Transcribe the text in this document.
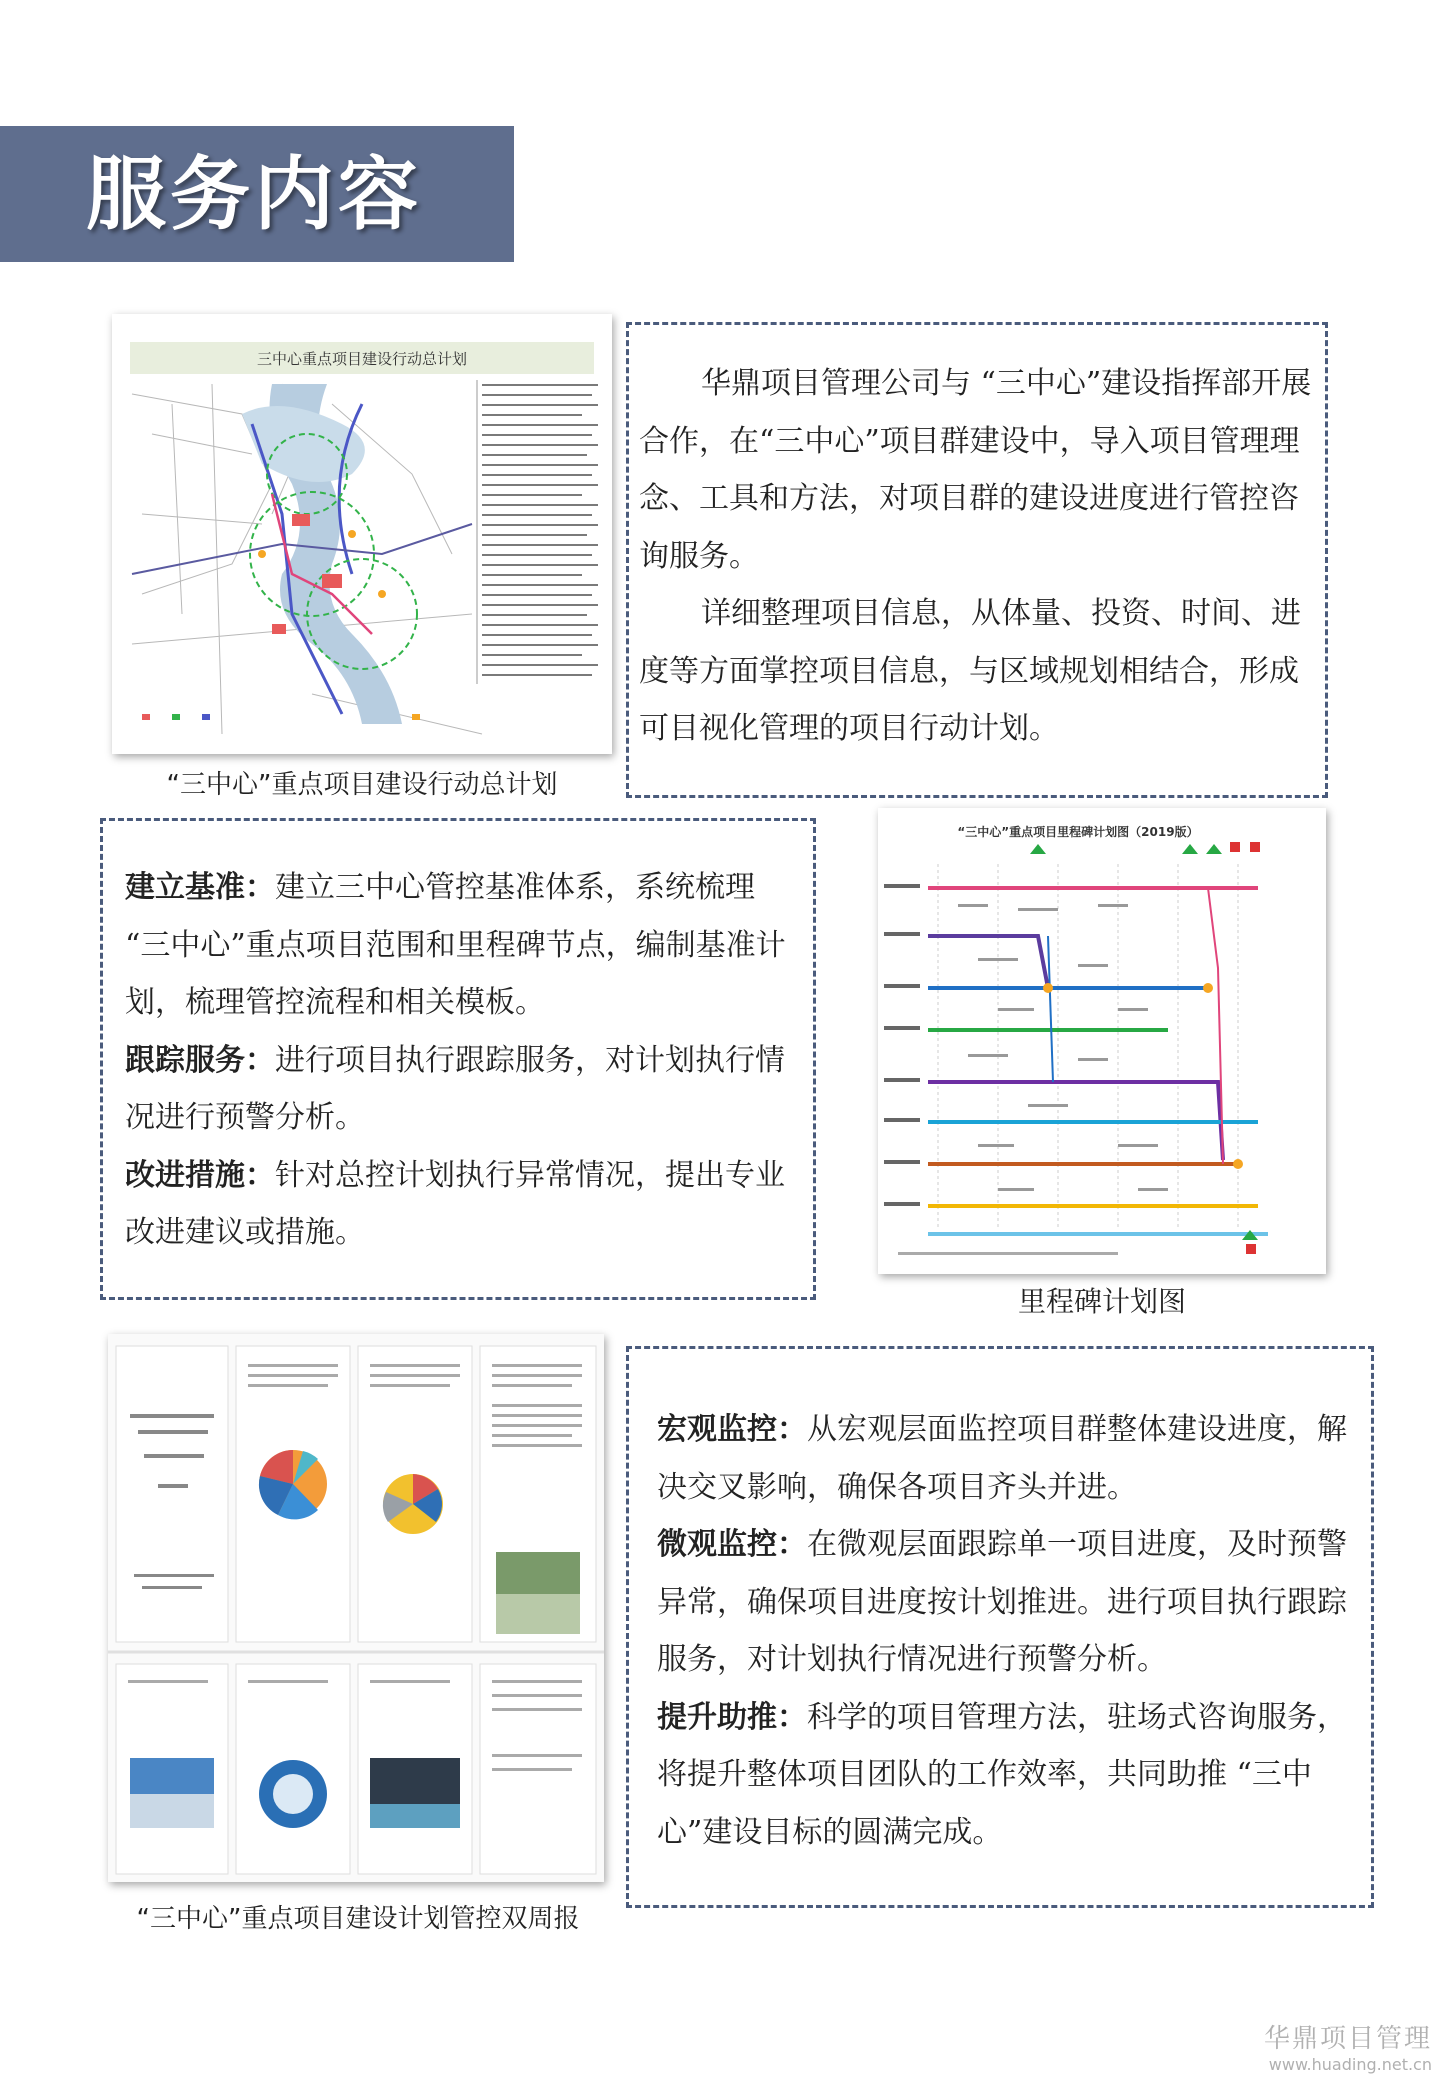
服务内容
三中心重点项目建设行动总计划
“三中心”重点项目建设行动总计划

华鼎项目管理公司与 “三中心”建设指挥部开展合作，在“三中心”项目群建设中，导入项目管理理念、工具和方法，对项目群的建设进度进行管控咨询服务。

详细整理项目信息，从体量、投资、时间、进度等方面掌控项目信息，与区域规划相结合，形成可目视化管理的项目行动计划。

建立基准：建立三中心管控基准体系，系统梳理 “三中心”重点项目范围和里程碑节点，编制基准计划，梳理管控流程和相关模板。

跟踪服务：进行项目执行跟踪服务，对计划执行情况进行预警分析。

改进措施：针对总控计划执行异常情况，提出专业改进建议或措施。

“三中心”重点项目里程碑计划图（2019版）
里程碑计划图
“三中心”重点项目建设计划管控双周报

宏观监控：从宏观层面监控项目群整体建设进度，解决交叉影响，确保各项目齐头并进。

微观监控：在微观层面跟踪单一项目进度，及时预警异常，确保项目进度按计划推进。进行项目执行跟踪服务，对计划执行情况进行预警分析。

提升助推：科学的项目管理方法，驻场式咨询服务，将提升整体项目团队的工作效率，共同助推 “三中心”建设目标的圆满完成。

华鼎项目管理
www.huading.net.cn
